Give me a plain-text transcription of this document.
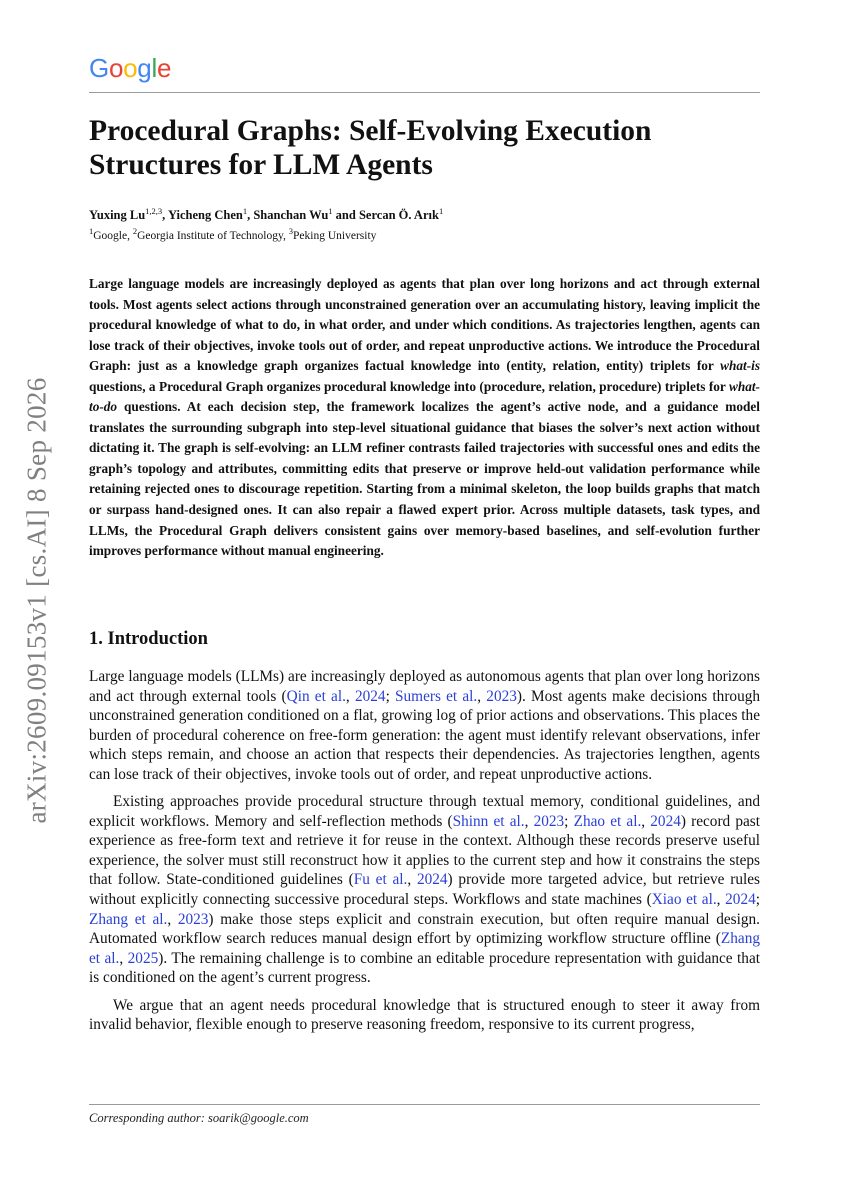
Google
Procedural Graphs: Self-Evolving Execution Structures for LLM Agents

Yuxing Lu$^{1,2,3}$, Yicheng Chen$^1$, Shanchan Wu$^1$ and Sercan Ö. Arık$^1$

$^1$Google, $^2$Georgia Institute of Technology, $^3$Peking University

Large language models are increasingly deployed as agents that plan over long horizons and act through external tools. Most agents select actions through unconstrained generation over an accumulating history, leaving implicit the procedural knowledge of what to do, in what order, and under which conditions. As trajectories lengthen, agents can lose track of their objectives, invoke tools out of order, and repeat unproductive actions. We introduce the Procedural Graph: just as a knowledge graph organizes factual knowledge into (entity, relation, entity) triplets for what-is questions, a Procedural Graph organizes procedural knowledge into (procedure, relation, procedure) triplets for what-to-do questions. At each decision step, the framework localizes the agent’s active node, and a guidance model translates the surrounding subgraph into step-level situational guidance that biases the solver’s next action without dictating it. The graph is self-evolving: an LLM refiner contrasts failed trajectories with successful ones and edits the graph’s topology and attributes, committing edits that preserve or improve held-out validation performance while retaining rejected ones to discourage repetition. Starting from a minimal skeleton, the loop builds graphs that match or surpass hand-designed ones. It can also repair a flawed expert prior. Across multiple datasets, task types, and LLMs, the Procedural Graph delivers consistent gains over memory-based baselines, and self-evolution further improves performance without manual engineering.

1. Introduction

Large language models (LLMs) are increasingly deployed as autonomous agents that plan over long horizons and act through external tools (Qin et al., 2024; Sumers et al., 2023). Most agents make decisions through unconstrained generation conditioned on a flat, growing log of prior actions and observations. This places the burden of procedural coherence on free-form generation: the agent must identify relevant observations, infer which steps remain, and choose an action that respects their dependencies. As trajectories lengthen, agents can lose track of their objectives, invoke tools out of order, and repeat unproductive actions.

Existing approaches provide procedural structure through textual memory, conditional guidelines, and explicit workflows. Memory and self-reflection methods (Shinn et al., 2023; Zhao et al., 2024) record past experience as free-form text and retrieve it for reuse in the context. Although these records preserve useful experience, the solver must still reconstruct how it applies to the current step and how it constrains the steps that follow. State-conditioned guidelines (Fu et al., 2024) provide more targeted advice, but retrieve rules without explicitly connecting successive procedural steps. Workflows and state machines (Xiao et al., 2024; Zhang et al., 2023) make those steps explicit and constrain execution, but often require manual design. Automated workflow search reduces manual design effort by optimizing workflow structure offline (Zhang et al., 2025). The remaining challenge is to combine an editable procedure representation with guidance that is conditioned on the agent’s current progress.

We argue that an agent needs procedural knowledge that is structured enough to steer it away from invalid behavior, flexible enough to preserve reasoning freedom, responsive to its current progress,

arXiv:2609.09153v1 [cs.AI] 8 Sep 2026

Corresponding author: soarik@google.com
